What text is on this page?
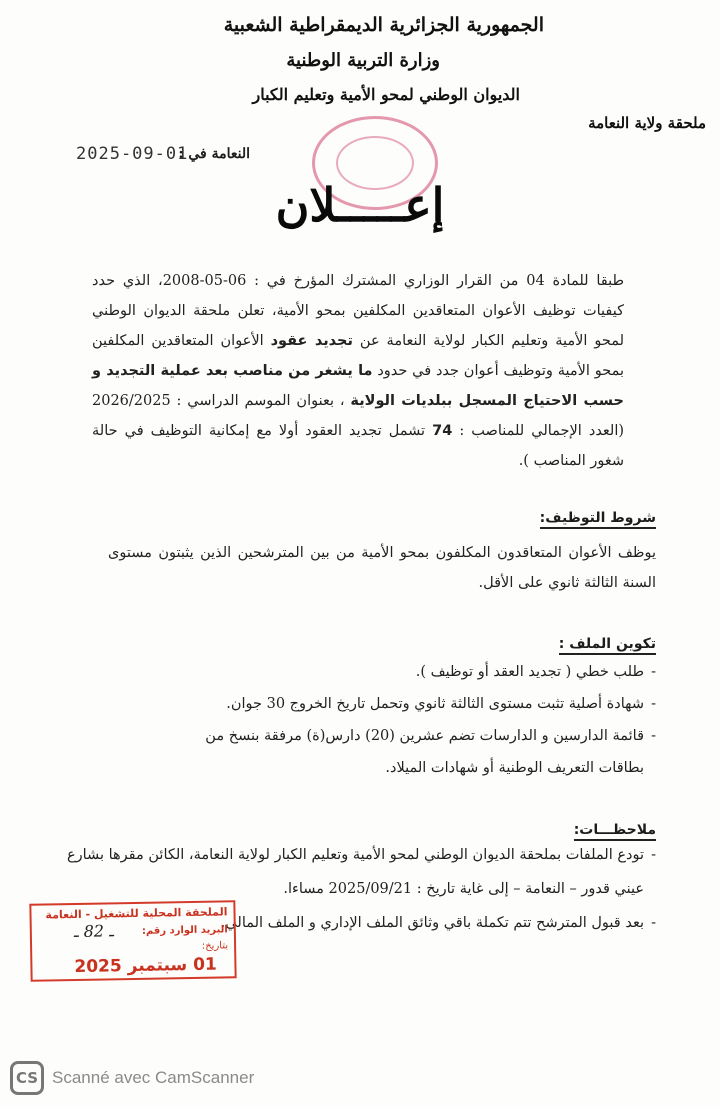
الجمهورية الجزائرية الديمقراطية الشعبية
وزارة التربية الوطنية
الديوان الوطني لمحو الأمية وتعليم الكبار
ملحقة ولاية النعامة
النعامة في :
2025-09-01
إعـــــلان
طبقا للمادة 04 من القرار الوزاري المشترك المؤرخ في : 06-05-2008، الذي حدد كيفيات توظيف الأعوان المتعاقدين المكلفين بمحو الأمية، تعلن ملحقة الديوان الوطني لمحو الأمية وتعليم الكبار لولاية النعامة عن تجديد عقود الأعوان المتعاقدين المكلفين بمحو الأمية وتوظيف أعوان جدد في حدود ما يشغر من مناصب بعد عملية التجديد و حسب الاحتياج المسجل ببلديات الولاية ، بعنوان الموسم الدراسي : 2026/2025 (العدد الإجمالي للمناصب : 74 تشمل تجديد العقود أولا مع إمكانية التوظيف في حالة شغور المناصب ).
شروط التوظيف:
يوظف الأعوان المتعاقدون المكلفون بمحو الأمية من بين المترشحين الذين يثبتون مستوى السنة الثالثة ثانوي على الأقل.
تكوين الملف :
- طلب خطي ( تجديد العقد أو توظيف ).
- شهادة أصلية تثبت مستوى الثالثة ثانوي وتحمل تاريخ الخروج 30 جوان.
- قائمة الدارسين و الدارسات تضم عشرين (20) دارس(ة) مرفقة بنسخ من بطاقات التعريف الوطنية أو شهادات الميلاد.
ملاحظـــات:
- تودع الملفات بملحقة الديوان الوطني لمحو الأمية وتعليم الكبار لولاية النعامة، الكائن مقرها بشارع عيني قدور – النعامة – إلى غاية تاريخ : 2025/09/21 مساءا.
- بعد قبول المترشح تتم تكملة باقي وثائق الملف الإداري و الملف المالي.
الملحقة المحلية للتشغيل - النعامة
البريد الوارد رقم:
ـ 82 ـ
بتاريخ:
01 سبتمبر 2025
CS Scanné avec CamScanner
